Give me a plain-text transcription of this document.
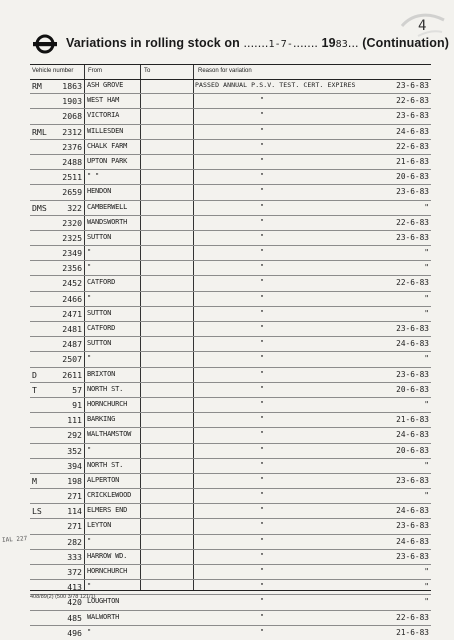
4
Variations in rolling stock on .......1-7-....... 1983... (Continuation)
Vehicle number From	To	Reason for variation
RM	1863 ASH GROVE	PASSED ANNUAL P.S.V. TEST. CERT. EXPIRES	23-6-83
1903 WEST HAM	"	22-6-83
2068 VICTORIA	"	23-6-83
RML	2312 WILLESDEN	"	24-6-83
2376 CHALK FARM	"	22-6-83
2488 UPTON PARK	"	21-6-83
2511 " "	"	20-6-83
2659 HENDON	"	23-6-83
DMS	322 CAMBERWELL	"	"
2320 WANDSWORTH	"	22-6-83
2325 SUTTON	"	23-6-83
2349 "	"	"
2356 "	"	"
2452 CATFORD	"	22-6-83
2466 "	"	"
2471 SUTTON	"	"
2481 CATFORD	"	23-6-83
2487 SUTTON	"	24-6-83
2507 "	"	"
D	2611 BRIXTON	"	23-6-83
T	57 NORTH ST.	"	20-6-83
91 HORNCHURCH	"	"
111 BARKING	"	21-6-83
292 WALTHAMSTOW	"	24-6-83
352 "	"	20-6-83
394 NORTH ST.	"	"
M	198 ALPERTON	"	23-6-83
271 CRICKLEWOOD	"	"
LS	114 ELMERS END	"	24-6-83
271 LEYTON	"	23-6-83
282 "	"	24-6-83
333 HARROW WD.	"	23-6-83
372 HORNCHURCH	"	"
413 "	"	"
420 LOUGHTON	"	"
485 WALWORTH	"	22-6-83
496 "	"	21-6-83
IAL 227
408/89(2) (500 3/78 121/1)
